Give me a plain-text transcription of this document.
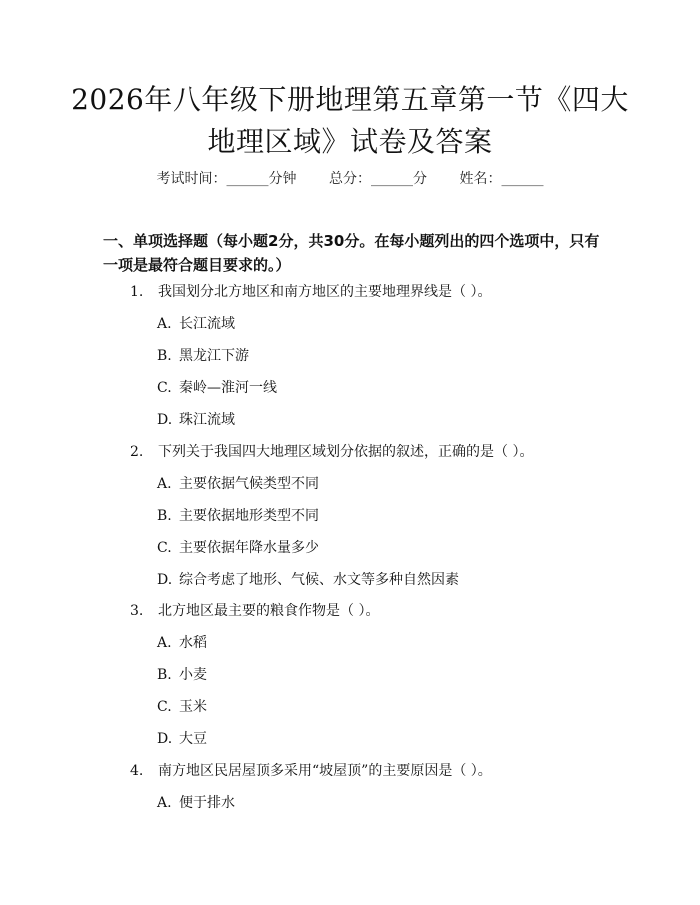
2026年八年级下册地理第五章第一节《四大
地理区域》试卷及答案
考试时间：______分钟 总分：______分 姓名：______
一、单项选择题（每小题2分，共30分。在每小题列出的四个选项中，只有一项是最符合题目要求的。）
1. 我国划分北方地区和南方地区的主要地理界线是（ ）。
A. 长江流域
B. 黑龙江下游
C. 秦岭—淮河一线
D. 珠江流域
2. 下列关于我国四大地理区域划分依据的叙述，正确的是（ ）。
A. 主要依据气候类型不同
B. 主要依据地形类型不同
C. 主要依据年降水量多少
D. 综合考虑了地形、气候、水文等多种自然因素
3. 北方地区最主要的粮食作物是（ ）。
A. 水稻
B. 小麦
C. 玉米
D. 大豆
4. 南方地区民居屋顶多采用“坡屋顶”的主要原因是（ ）。
A. 便于排水
